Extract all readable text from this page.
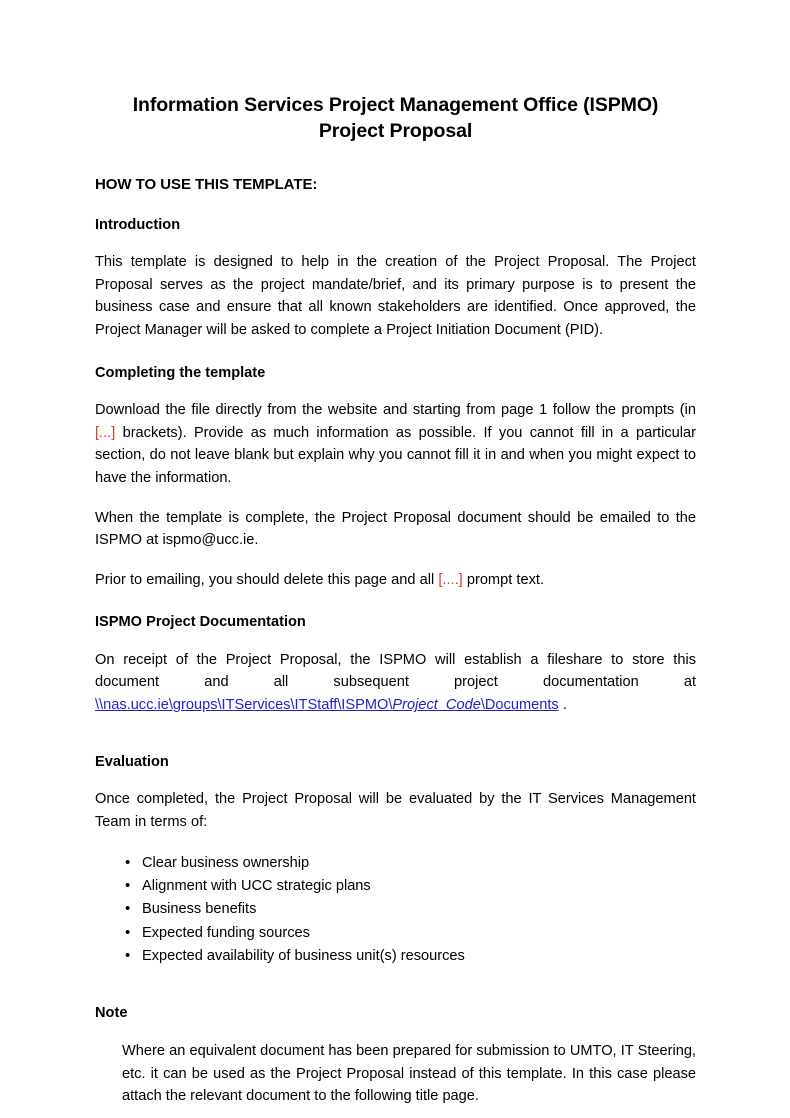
Information Services Project Management Office (ISPMO)
Project Proposal
HOW TO USE THIS TEMPLATE:
Introduction

This template is designed to help in the creation of the Project Proposal. The Project Proposal serves as the project mandate/brief, and its primary purpose is to present the business case and ensure that all known stakeholders are identified. Once approved, the Project Manager will be asked to complete a Project Initiation Document (PID).

Completing the template

Download the file directly from the website and starting from page 1 follow the prompts (in [...] brackets). Provide as much information as possible. If you cannot fill in a particular section, do not leave blank but explain why you cannot fill it in and when you might expect to have the information.

When the template is complete, the Project Proposal document should be emailed to the ISPMO at ispmo@ucc.ie.

Prior to emailing, you should delete this page and all [....] prompt text.

ISPMO Project Documentation

On receipt of the Project Proposal, the ISPMO will establish a fileshare to store this document and all subsequent project documentation at \\nas.ucc.ie\groups\ITServices\ITStaff\ISPMO\Project_Code\Documents .

Evaluation

Once completed, the Project Proposal will be evaluated by the IT Services Management Team in terms of:

• Clear business ownership
• Alignment with UCC strategic plans
• Business benefits
• Expected funding sources
• Expected availability of business unit(s) resources
Note

Where an equivalent document has been prepared for submission to UMTO, IT Steering, etc. it can be used as the Project Proposal instead of this template. In this case please attach the relevant document to the following title page.
